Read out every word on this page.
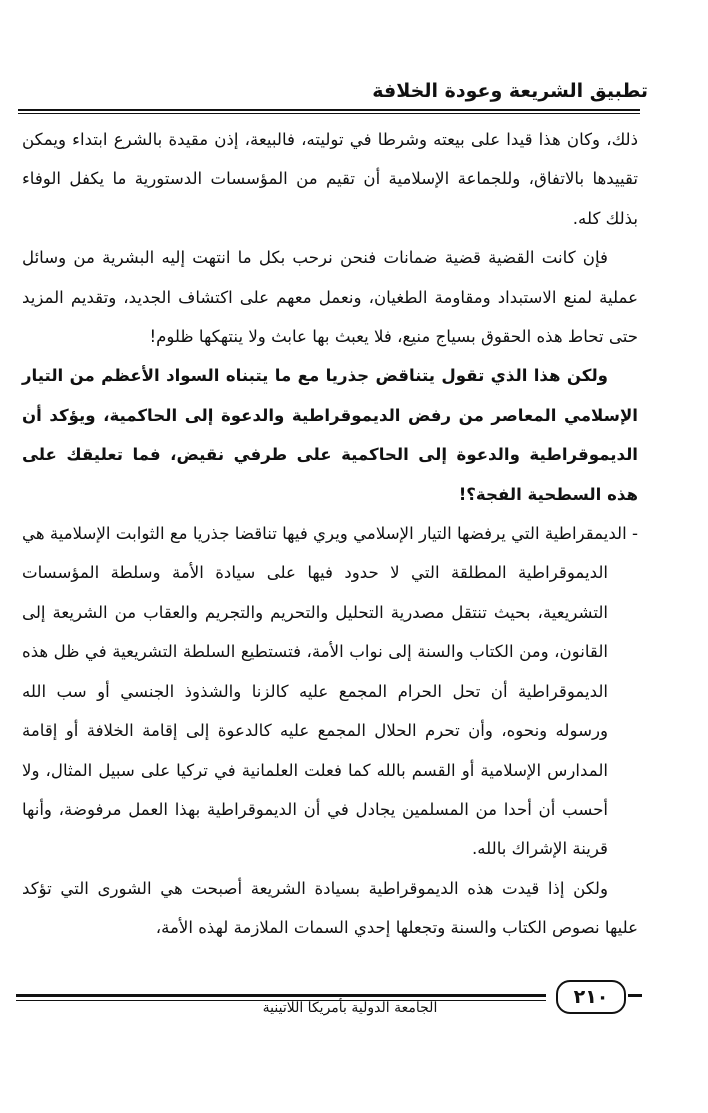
تطبيق الشريعة وعودة الخلافة

ذلك، وكان هذا قيدا على بيعته وشرطا في توليته، فالبيعة، إذن مقيدة بالشرع ابتداء ويمكن تقييدها بالاتفاق، وللجماعة الإسلامية أن تقيم من المؤسسات الدستورية ما يكفل الوفاء بذلك كله.

فإن كانت القضية قضية ضمانات فنحن نرحب بكل ما انتهت إليه البشرية من وسائل عملية لمنع الاستبداد ومقاومة الطغيان، ونعمل معهم على اكتشاف الجديد، وتقديم المزيد حتى تحاط هذه الحقوق بسياج منيع، فلا يعبث بها عابث ولا ينتهكها ظلوم!

ولكن هذا الذي تقول يتناقض جذريا مع ما يتبناه السواد الأعظم من التيار الإسلامي المعاصر من رفض الديموقراطية والدعوة إلى الحاكمية، ويؤكد أن الديموقراطية والدعوة إلى الحاكمية على طرفي نقيض، فما تعليقك على هذه السطحية الفجة؟!

- الديمقراطية التي يرفضها التيار الإسلامي ويري فيها تناقضا جذريا مع الثوابت الإسلامية هي الديموقراطية المطلقة التي لا حدود فيها على سيادة الأمة وسلطة المؤسسات التشريعية، بحيث تنتقل مصدرية التحليل والتحريم والتجريم والعقاب من الشريعة إلى القانون، ومن الكتاب والسنة إلى نواب الأمة، فتستطيع السلطة التشريعية في ظل هذه الديموقراطية أن تحل الحرام المجمع عليه كالزنا والشذوذ الجنسي أو سب الله ورسوله ونحوه، وأن تحرم الحلال المجمع عليه كالدعوة إلى إقامة الخلافة أو إقامة المدارس الإسلامية أو القسم بالله كما فعلت العلمانية في تركيا على سبيل المثال، ولا أحسب أن أحدا من المسلمين يجادل في أن الديموقراطية بهذا العمل مرفوضة، وأنها قرينة الإشراك بالله.

ولكن إذا قيدت هذه الديموقراطية بسيادة الشريعة أصبحت هي الشورى التي تؤكد عليها نصوص الكتاب والسنة وتجعلها إحدي السمات الملازمة لهذه الأمة،

٢١٠
الجامعة الدولية بأمريكا اللاتينية
